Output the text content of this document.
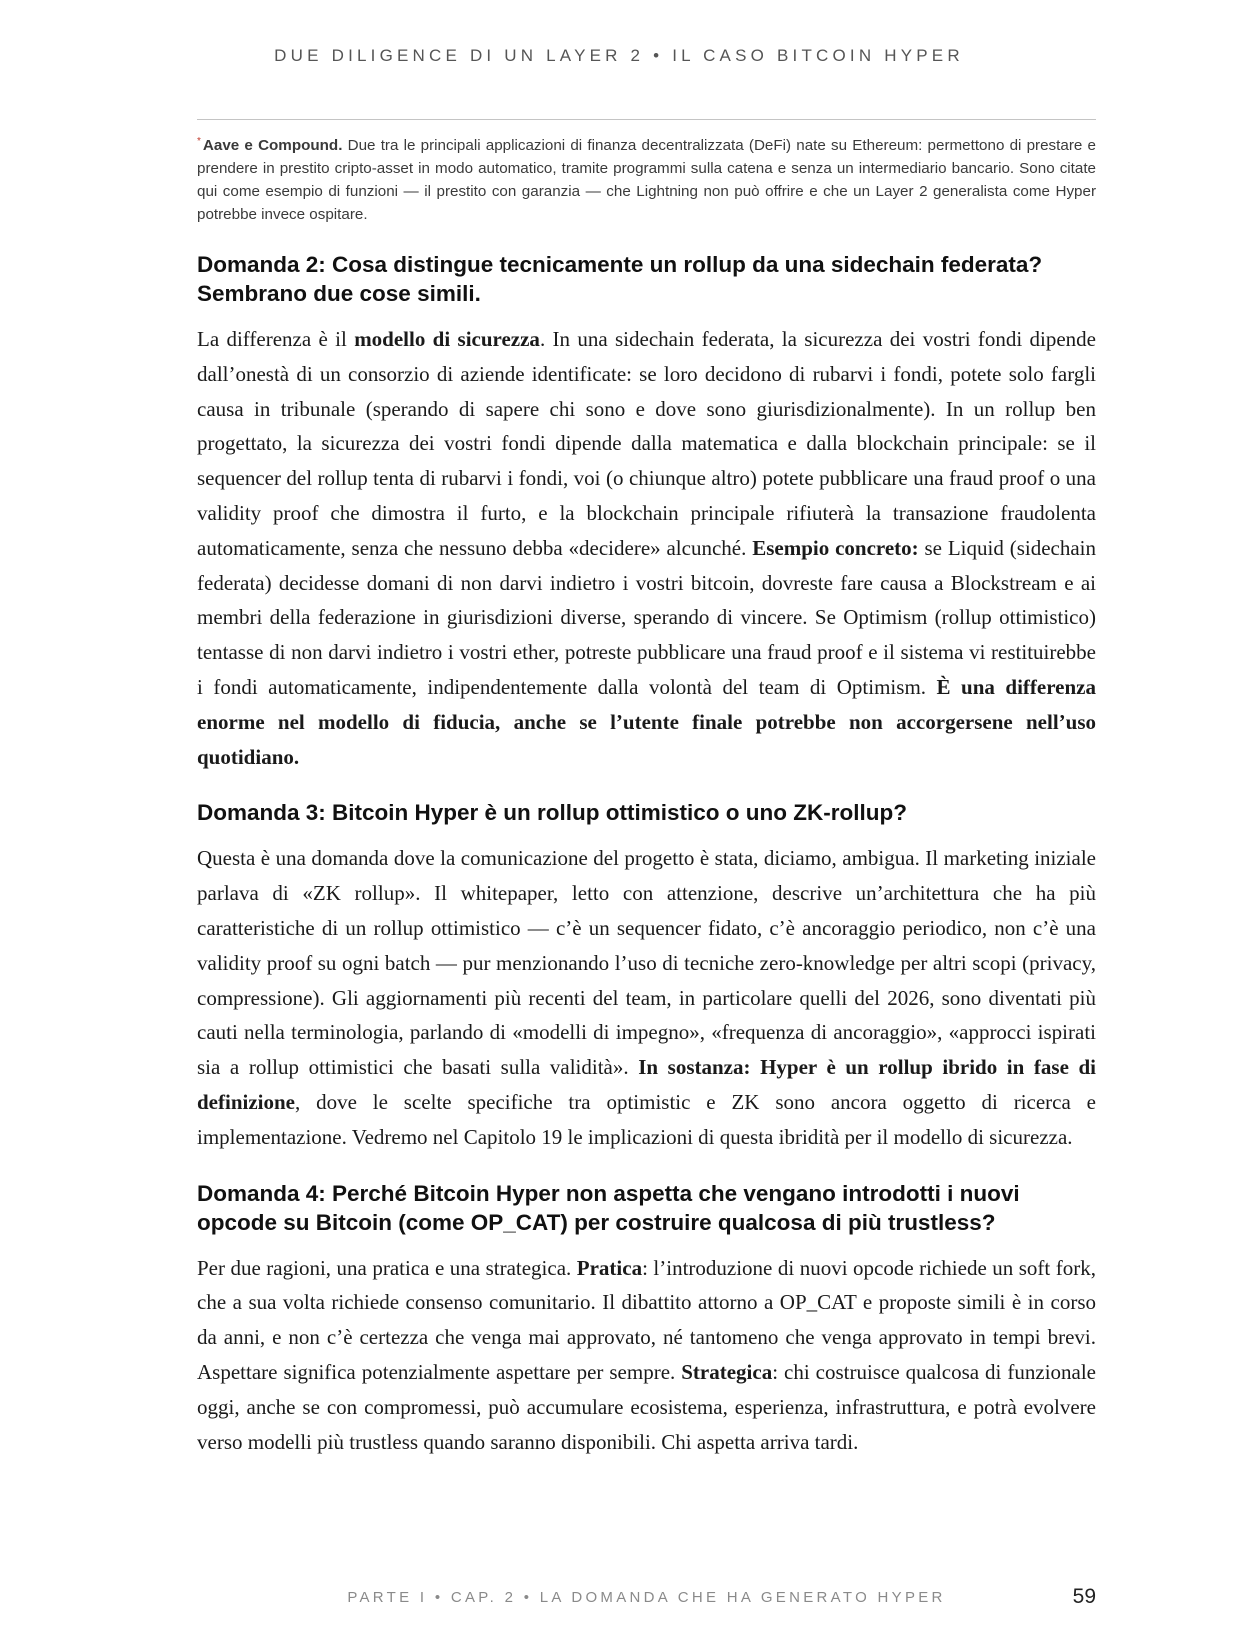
DUE DILIGENCE DI UN LAYER 2 • IL CASO BITCOIN HYPER

* Aave e Compound. Due tra le principali applicazioni di finanza decentralizzata (DeFi) nate su Ethereum: permettono di prestare e prendere in prestito cripto-asset in modo automatico, tramite programmi sulla catena e senza un intermediario bancario. Sono citate qui come esempio di funzioni — il prestito con garanzia — che Lightning non può offrire e che un Layer 2 generalista come Hyper potrebbe invece ospitare.

Domanda 2: Cosa distingue tecnicamente un rollup da una sidechain federata? Sembrano due cose simili.

La differenza è il modello di sicurezza. In una sidechain federata, la sicurezza dei vostri fondi dipende dall’onestà di un consorzio di aziende identificate: se loro decidono di rubarvi i fondi, potete solo fargli causa in tribunale (sperando di sapere chi sono e dove sono giurisdizionalmente). In un rollup ben progettato, la sicurezza dei vostri fondi dipende dalla matematica e dalla blockchain principale: se il sequencer del rollup tenta di rubarvi i fondi, voi (o chiunque altro) potete pubblicare una fraud proof o una validity proof che dimostra il furto, e la blockchain principale rifiuterà la transazione fraudolenta automaticamente, senza che nessuno debba «decidere» alcunché. Esempio concreto: se Liquid (sidechain federata) decidesse domani di non darvi indietro i vostri bitcoin, dovreste fare causa a Blockstream e ai membri della federazione in giurisdizioni diverse, sperando di vincere. Se Optimism (rollup ottimistico) tentasse di non darvi indietro i vostri ether, potreste pubblicare una fraud proof e il sistema vi restituirebbe i fondi automaticamente, indipendentemente dalla volontà del team di Optimism. È una differenza enorme nel modello di fiducia, anche se l’utente finale potrebbe non accorgersene nell’uso quotidiano.

Domanda 3: Bitcoin Hyper è un rollup ottimistico o uno ZK-rollup?

Questa è una domanda dove la comunicazione del progetto è stata, diciamo, ambigua. Il marketing iniziale parlava di «ZK rollup». Il whitepaper, letto con attenzione, descrive un’architettura che ha più caratteristiche di un rollup ottimistico — c’è un sequencer fidato, c’è ancoraggio periodico, non c’è una validity proof su ogni batch — pur menzionando l’uso di tecniche zero-knowledge per altri scopi (privacy, compressione). Gli aggiornamenti più recenti del team, in particolare quelli del 2026, sono diventati più cauti nella terminologia, parlando di «modelli di impegno», «frequenza di ancoraggio», «approcci ispirati sia a rollup ottimistici che basati sulla validità». In sostanza: Hyper è un rollup ibrido in fase di definizione, dove le scelte specifiche tra optimistic e ZK sono ancora oggetto di ricerca e implementazione. Vedremo nel Capitolo 19 le implicazioni di questa ibridità per il modello di sicurezza.

Domanda 4: Perché Bitcoin Hyper non aspetta che vengano introdotti i nuovi opcode su Bitcoin (come OP_CAT) per costruire qualcosa di più trustless?

Per due ragioni, una pratica e una strategica. Pratica: l’introduzione di nuovi opcode richiede un soft fork, che a sua volta richiede consenso comunitario. Il dibattito attorno a OP_CAT e proposte simili è in corso da anni, e non c’è certezza che venga mai approvato, né tantomeno che venga approvato in tempi brevi. Aspettare significa potenzialmente aspettare per sempre. Strategica: chi costruisce qualcosa di funzionale oggi, anche se con compromessi, può accumulare ecosistema, esperienza, infrastruttura, e potrà evolvere verso modelli più trustless quando saranno disponibili. Chi aspetta arriva tardi.

PARTE I • CAP. 2 • LA DOMANDA CHE HA GENERATO HYPER	59
